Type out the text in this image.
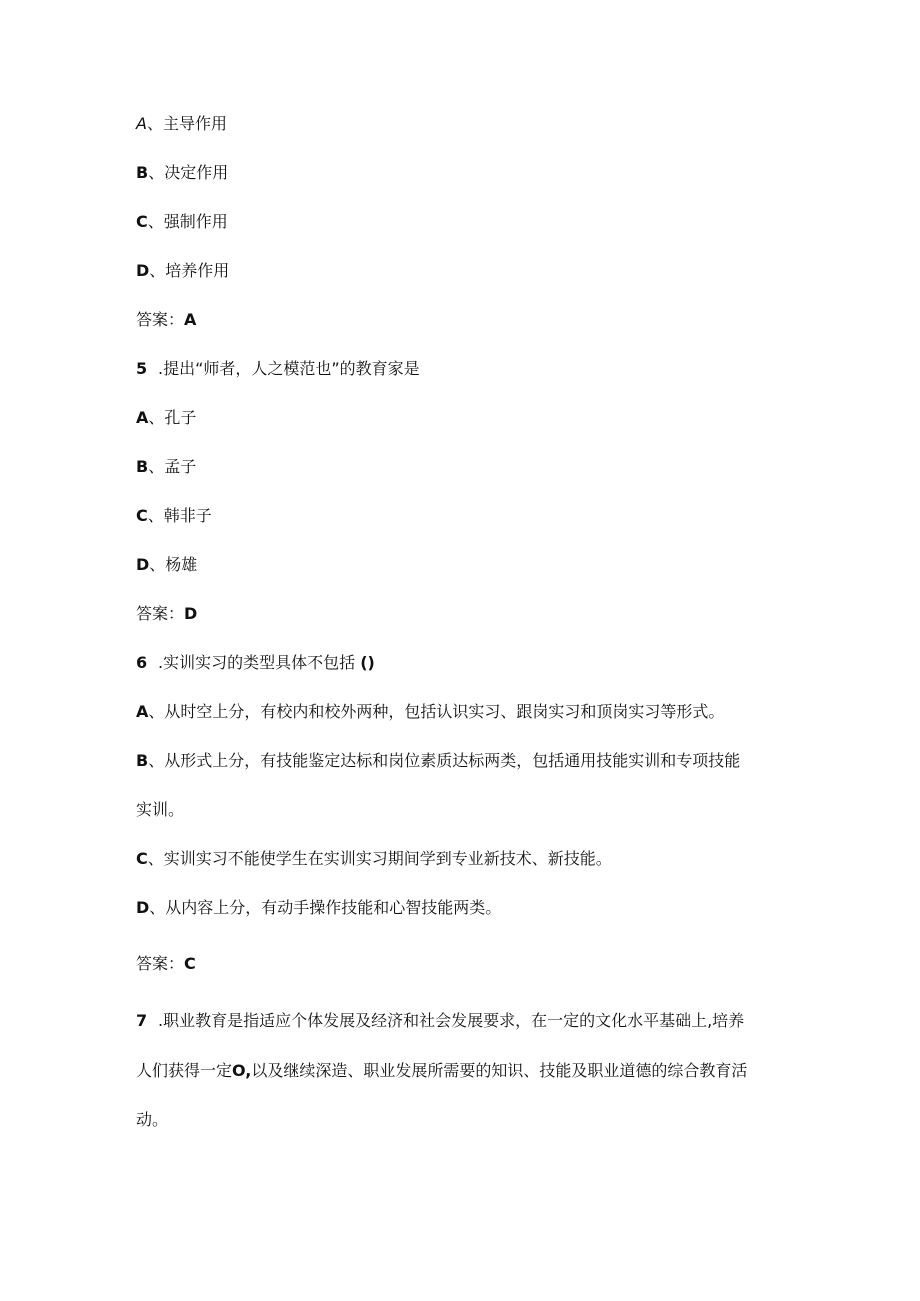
A、主导作用
B、决定作用
C、强制作用
D、培养作用
答案：A
5 .提出“师者，人之模范也”的教育家是
A、孔子
B、孟子
C、韩非子
D、杨雄
答案：D
6 .实训实习的类型具体不包括 ()
A、从时空上分，有校内和校外两种，包括认识实习、跟岗实习和顶岗实习等形式。
B、从形式上分，有技能鉴定达标和岗位素质达标两类，包括通用技能实训和专项技能
实训。
C、实训实习不能使学生在实训实习期间学到专业新技术、新技能。
D、从内容上分，有动手操作技能和心智技能两类。
答案：C
7 .职业教育是指适应个体发展及经济和社会发展要求，在一定的文化水平基础上,培养
人们获得一定O,以及继续深造、职业发展所需要的知识、技能及职业道德的综合教育活
动。
